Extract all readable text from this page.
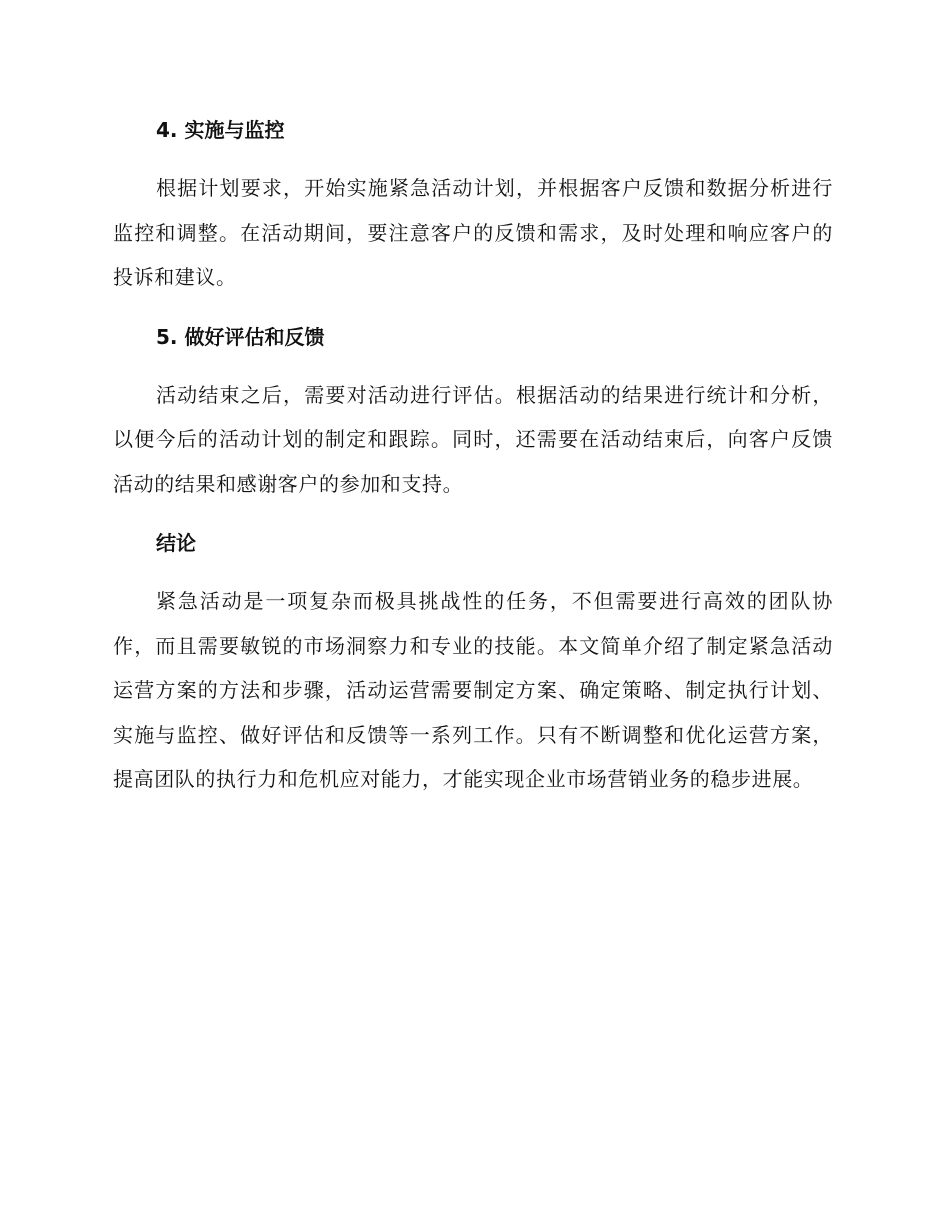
4. 实施与监控

根据计划要求，开始实施紧急活动计划，并根据客户反馈和数据分析进行监控和调整。在活动期间，要注意客户的反馈和需求，及时处理和响应客户的投诉和建议。

5. 做好评估和反馈

活动结束之后，需要对活动进行评估。根据活动的结果进行统计和分析，以便今后的活动计划的制定和跟踪。同时，还需要在活动结束后，向客户反馈活动的结果和感谢客户的参加和支持。

结论

紧急活动是一项复杂而极具挑战性的任务，不但需要进行高效的团队协作，而且需要敏锐的市场洞察力和专业的技能。本文简单介绍了制定紧急活动运营方案的方法和步骤，活动运营需要制定方案、确定策略、制定执行计划、实施与监控、做好评估和反馈等一系列工作。只有不断调整和优化运营方案，提高团队的执行力和危机应对能力，才能实现企业市场营销业务的稳步进展。
